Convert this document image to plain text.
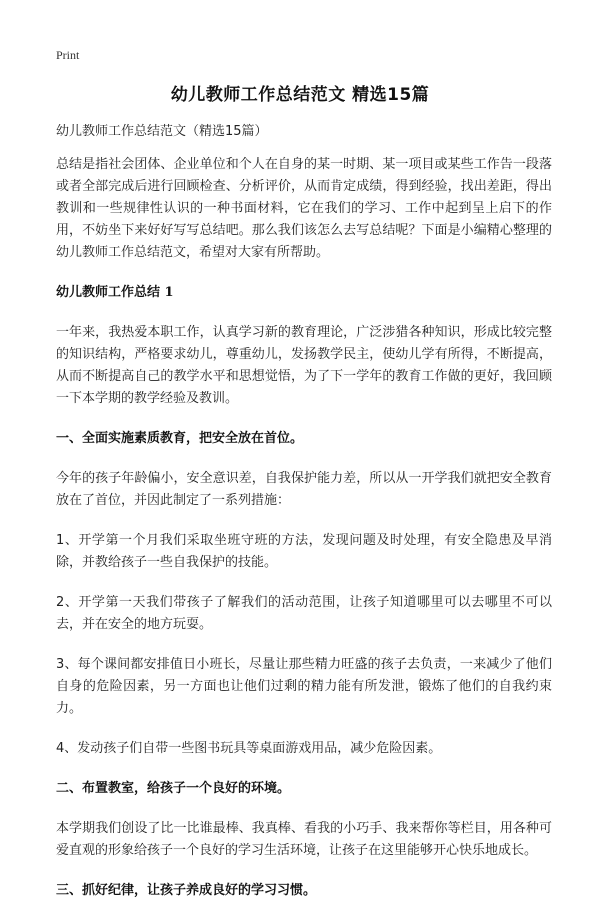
Print
幼儿教师工作总结范文 精选15篇

幼儿教师工作总结范文（精选15篇）

总结是指社会团体、企业单位和个人在自身的某一时期、某一项目或某些工作告一段落或者全部完成后进行回顾检查、分析评价，从而肯定成绩，得到经验，找出差距，得出教训和一些规律性认识的一种书面材料，它在我们的学习、工作中起到呈上启下的作用，不妨坐下来好好写写总结吧。那么我们该怎么去写总结呢？下面是小编精心整理的幼儿教师工作总结范文，希望对大家有所帮助。

幼儿教师工作总结 1

一年来，我热爱本职工作，认真学习新的教育理论，广泛涉猎各种知识，形成比较完整的知识结构，严格要求幼儿，尊重幼儿，发扬教学民主，使幼儿学有所得，不断提高，从而不断提高自己的教学水平和思想觉悟，为了下一学年的教育工作做的更好，我回顾一下本学期的教学经验及教训。

一、全面实施素质教育，把安全放在首位。

今年的孩子年龄偏小，安全意识差，自我保护能力差，所以从一开学我们就把安全教育放在了首位，并因此制定了一系列措施：

1、开学第一个月我们采取坐班守班的方法，发现问题及时处理，有安全隐患及早消除，并教给孩子一些自我保护的技能。

2、开学第一天我们带孩子了解我们的活动范围，让孩子知道哪里可以去哪里不可以去，并在安全的地方玩耍。

3、每个课间都安排值日小班长，尽量让那些精力旺盛的孩子去负责，一来减少了他们自身的危险因素，另一方面也让他们过剩的精力能有所发泄，锻炼了他们的自我约束力。

4、发动孩子们自带一些图书玩具等桌面游戏用品，减少危险因素。

二、布置教室，给孩子一个良好的环境。

本学期我们创设了比一比谁最棒、我真棒、看我的小巧手、我来帮你等栏目，用各种可爱直观的形象给孩子一个良好的学习生活环境，让孩子在这里能够开心快乐地成长。

三、抓好纪律，让孩子养成良好的学习习惯。
